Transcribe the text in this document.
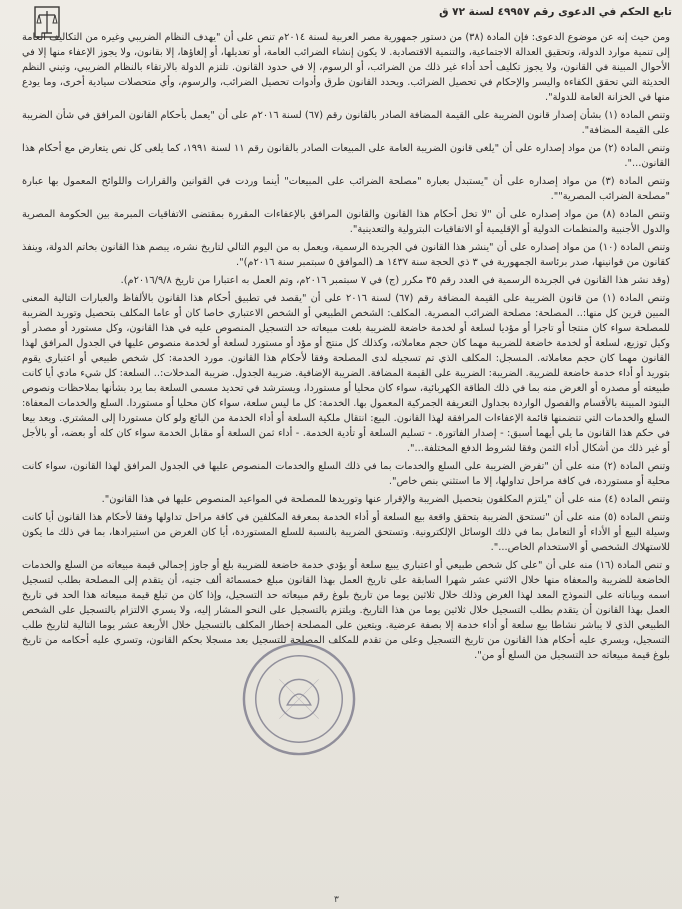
تابع الحكم في الدعوى رقم ٤٩٩٥٧ لسنة ٧٢ ق

ومن حيث إنه عن موضوع الدعوى: فإن المادة (٣٨) من دستور جمهورية مصر العربية لسنة ٢٠١٤م تنص على أن "يهدف النظام الضريبي وغيره من التكاليف العامة إلى تنمية موارد الدولة، وتحقيق العدالة الاجتماعية، والتنمية الاقتصادية. لا يكون إنشاء الضرائب العامة، أو تعديلها، أو إلغاؤها، إلا بقانون، ولا يجوز الإعفاء منها إلا في الأحوال المبينة في القانون، ولا يجوز تكليف أحد أداء غير ذلك من الضرائب، أو الرسوم، إلا في حدود القانون. تلتزم الدولة بالارتقاء بالنظام الضريبي، وتبني النظم الحديثة التي تحقق الكفاءة واليسر والإحكام في تحصيل الضرائب. ويحدد القانون طرق وأدوات تحصيل الضرائب، والرسوم، وأي متحصلات سيادية أخرى، وما يودع منها في الخزانة العامة للدولة".

وتنص المادة (١) بشأن إصدار قانون الضريبة على القيمة المضافة الصادر بالقانون رقم (٦٧) لسنة ٢٠١٦م على أن "يعمل بأحكام القانون المرافق في شأن الضريبة على القيمة المضافة".

وتنص المادة (٢) من مواد إصداره على أن "يلغى قانون الضريبة العامة على المبيعات الصادر بالقانون رقم ١١ لسنة ١٩٩١، كما يلغى كل نص يتعارض مع أحكام هذا القانون...".

وتنص المادة (٣) من مواد إصداره على أن "يستبدل بعبارة "مصلحة الضرائب على المبيعات" أينما وردت في القوانين والقرارات واللوائح المعمول بها عبارة "مصلحة الضرائب المصرية"".

وتنص المادة (٨) من مواد إصداره على أن "لا تخل أحكام هذا القانون والقانون المرافق بالإعفاءات المقررة بمقتضى الاتفاقيات المبرمة بين الحكومة المصرية والدول الأجنبية والمنظمات الدولية أو الإقليمية أو الاتفاقيات البترولية والتعدينية".

وتنص المادة (١٠) من مواد إصداره على أن "ينشر هذا القانون في الجريدة الرسمية، ويعمل به من اليوم التالي لتاريخ نشره، يبصم هذا القانون بخاتم الدولة، وينفذ كقانون من قوانينها، صدر برئاسة الجمهورية في ٣ ذي الحجة سنة ١٤٣٧ هـ (الموافق ٥ سبتمبر سنة ٢٠١٦م)".

(وقد نشر هذا القانون في الجريدة الرسمية في العدد رقم ٣٥ مكرر (ج) في ٧ سبتمبر ٢٠١٦م، وتم العمل به اعتبارا من تاريخ ٢٠١٦/٩/٨م).

وتنص المادة (١) من قانون الضريبة على القيمة المضافة رقم (٦٧) لسنة ٢٠١٦ على أن "يقصد في تطبيق أحكام هذا القانون بالألفاظ والعبارات التالية المعنى المبين قرين كل منها:.. المصلحة: مصلحة الضرائب المصرية. المكلف: الشخص الطبيعي أو الشخص الاعتباري خاصا كان أو عاما المكلف بتحصيل وتوريد الضريبة للمصلحة سواء كان منتجا أو تاجرا أو مؤديا لسلعة أو لخدمة خاضعة للضريبة بلغت مبيعاته حد التسجيل المنصوص عليه في هذا القانون، وكل مستورد أو مصدر أو وكيل توزيع، لسلعة أو لخدمة خاضعة للضريبة مهما كان حجم معاملاته، وكذلك كل منتج أو مؤد أو مستورد لسلعة أو لخدمة منصوص عليها في الجدول المرافق لهذا القانون مهما كان حجم معاملاته. المسجل: المكلف الذي تم تسجيله لدى المصلحة وفقا لأحكام هذا القانون. مورد الخدمة: كل شخص طبيعي أو اعتباري يقوم بتوريد أو أداء خدمة خاضعة للضريبة. الضريبة: الضريبة على القيمة المضافة. الضريبة الإضافية. ضريبة الجدول. ضريبة المدخلات:.. السلعة: كل شيء مادي أيا كانت طبيعته أو مصدره أو الغرض منه بما في ذلك الطاقة الكهربائية، سواء كان محليا أو مستوردا، ويسترشد في تحديد مسمى السلعة بما يرد بشأنها بملاحظات ونصوص البنود المبينة بالأقسام والفصول الواردة بجداول التعريفة الجمركية المعمول بها. الخدمة: كل ما ليس سلعة، سواء كان محليا أو مستوردا. السلع والخدمات المعفاة: السلع والخدمات التي تتضمنها قائمة الإعفاءات المرافقة لهذا القانون. البيع: انتقال ملكية السلعة أو أداء الخدمة من البائع ولو كان مستوردا إلى المشتري. ويعد بيعا في حكم هذا القانون ما يلي أيهما أسبق: - إصدار الفاتورة. - تسليم السلعة أو تأدية الخدمة. - أداء ثمن السلعة أو مقابل الخدمة سواء كان كله أو بعضه، أو بالأجل أو غير ذلك من أشكال أداء الثمن وفقا لشروط الدفع المختلفة...".

وتنص المادة (٢) منه على أن "تفرض الضريبة على السلع والخدمات بما في ذلك السلع والخدمات المنصوص عليها في الجدول المرافق لهذا القانون، سواء كانت محلية أو مستوردة، في كافة مراحل تداولها، إلا ما استثني بنص خاص".

وتنص المادة (٤) منه على أن "يلتزم المكلفون بتحصيل الضريبة والإقرار عنها وتوريدها للمصلحة في المواعيد المنصوص عليها في هذا القانون".

وتنص المادة (٥) منه على أن "تستحق الضريبة بتحقق واقعة بيع السلعة أو أداء الخدمة بمعرفة المكلفين في كافة مراحل تداولها وفقا لأحكام هذا القانون أيا كانت وسيلة البيع أو الأداء أو التعامل بما في ذلك الوسائل الإلكترونية. وتستحق الضريبة بالنسبة للسلع المستوردة، أيا كان الغرض من استيرادها، بما في ذلك ما يكون للاستهلاك الشخصي أو الاستخدام الخاص...".

و تنص المادة (١٦) منه على أن "على كل شخص طبيعي أو اعتباري يبيع سلعة أو يؤدي خدمة خاضعة للضريبة بلغ أو جاوز إجمالي قيمة مبيعاته من السلع والخدمات الخاضعة للضريبة والمعفاة منها خلال الاثني عشر شهرا السابقة على تاريخ العمل بهذا القانون مبلغ خمسمائة ألف جنيه، أن يتقدم إلى المصلحة بطلب لتسجيل اسمه وبياناته على النموذج المعد لهذا الغرض وذلك خلال ثلاثين يوما من تاريخ بلوغ رقم مبيعاته حد التسجيل، وإذا كان من تبلغ قيمة مبيعاته هذا الحد في تاريخ العمل بهذا القانون أن يتقدم بطلب التسجيل خلال ثلاثين يوما من هذا التاريخ. ويلتزم بالتسجيل على النحو المشار إليه، ولا يسري الالتزام بالتسجيل على الشخص الطبيعي الذي لا يباشر نشاطا بيع سلعة أو أداء خدمة إلا بصفة عرضية. ويتعين على المصلحة إخطار المكلف بالتسجيل خلال الأربعة عشر يوما التالية لتاريخ طلب التسجيل، ويسري عليه أحكام هذا القانون من تاريخ التسجيل وعلى من تقدم للمكلف المصلحة للتسجيل بعد مسجلا بحكم القانون، وتسري عليه أحكامه من تاريخ بلوغ قيمة مبيعاته حد التسجيل من السلع أو من".

٣
